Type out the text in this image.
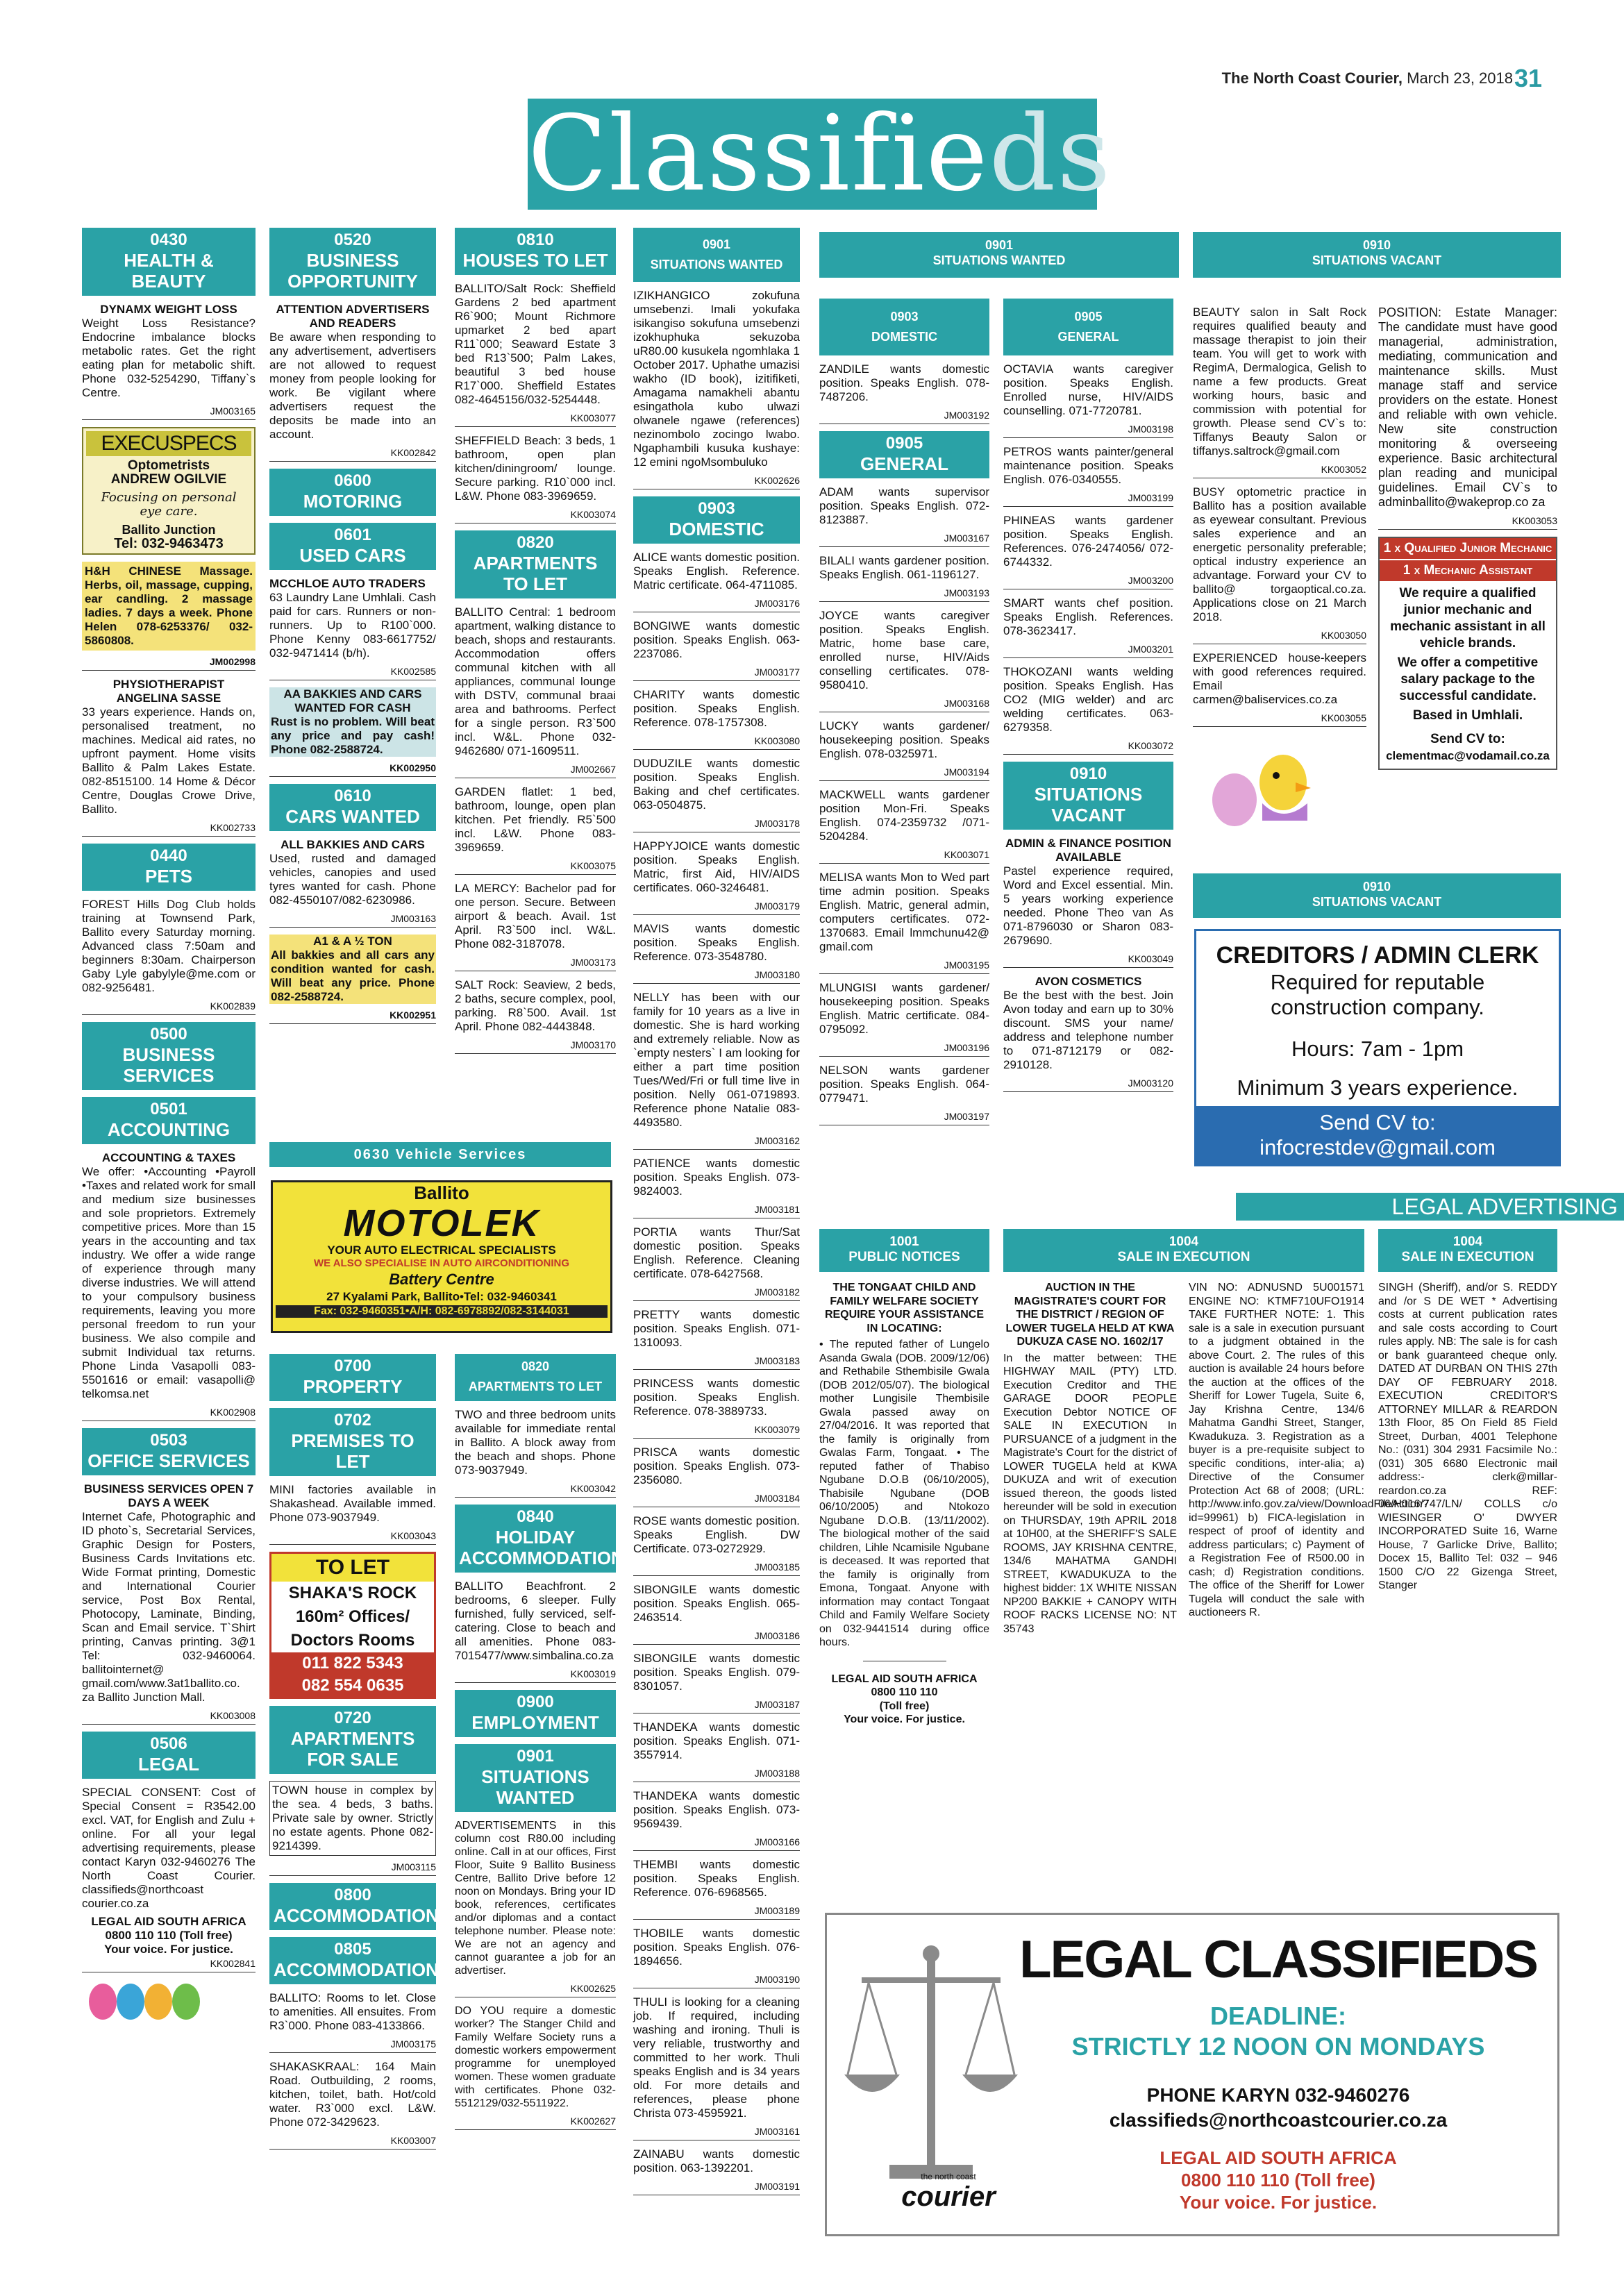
The North Coast Courier, March 23, 2018 31
Classifieds
0430
HEALTH & BEAUTY
DYNAMX WEIGHT LOSS
Weight Loss Resistance? Endocrine imbalance blocks metabolic rates. Get the right eating plan for metabolic shift. Phone 032-5254290, Tiffany`s Centre.
JM003165
EXECUSPECS
Optometrists
ANDREW OGILVIE
Focusing on personal eye care.
Ballito Junction
Tel: 032-9463473
H&H CHINESE Massage. Herbs, oil, massage, cupping, ear candling. 2 massage ladies. 7 days a week. Phone Helen 078-6253376/ 032-5860808.
JM002998
PHYSIOTHERAPIST ANGELINA SASSE
33 years experience. Hands on, personalised treatment, no machines. Medical aid rates, no upfront payment. Home visits Ballito & Palm Lakes Estate. 082-8515100. 14 Home & Décor Centre, Douglas Crowe Drive, Ballito.
KK002733
0440
PETS
FOREST Hills Dog Club holds training at Townsend Park, Ballito every Saturday morning. Advanced class 7:50am and beginners 8:30am. Chairperson Gaby Lyle gabylyle@me.com or 082-9256481.
KK002839
0500
BUSINESS SERVICES
0501
ACCOUNTING
ACCOUNTING & TAXES
We offer: •Accounting •Payroll •Taxes and related work for small and medium size businesses and sole proprietors. Extremely competitive prices. More than 15 years in the accounting and tax industry. We offer a wide range of experience through many diverse industries. We will attend to your compulsory business requirements, leaving you more personal freedom to run your business. We also compile and submit Individual tax returns. Phone Linda Vasapolli 083-5501616 or email: vasapolli@ telkomsa.net
KK002908
0503
OFFICE SERVICES
BUSINESS SERVICES OPEN 7 DAYS A WEEK
Internet Cafe, Photographic and ID photo`s, Secretarial Services, Graphic Design for Posters, Business Cards Invitations etc. Wide Format printing, Domestic and International Courier service, Post Box Rental, Photocopy, Laminate, Binding, Scan and Email service. T`Shirt printing, Canvas printing. 3@1 Tel: 032-9460064. ballitointernet@ gmail.com/www.3at1ballito.co. za Ballito Junction Mall.
KK003008
0506
LEGAL
SPECIAL CONSENT: Cost of Special Consent = R3542.00 excl. VAT, for English and Zulu + online. For all your legal advertising requirements, please contact Karyn 032-9460276 The North Coast Courier. classifieds@northcoast courier.co.za
LEGAL AID SOUTH AFRICA
0800 110 110 (Toll free)
Your voice. For justice.
KK002841
0520
BUSINESS OPPORTUNITY
ATTENTION ADVERTISERS AND READERS
Be aware when responding to any advertisement, advertisers are not allowed to request money from people looking for work. Be vigilant where advertisers request the deposits be made into an account.
KK002842
0600
MOTORING
0601
USED CARS
MCCHLOE AUTO TRADERS
63 Laundry Lane Umhlali. Cash paid for cars. Runners or non-runners. Up to R100`000. Phone Kenny 083-6617752/ 032-9471414 (b/h).
KK002585
AA BAKKIES AND CARS WANTED FOR CASH
Rust is no problem. Will beat any price and pay cash! Phone 082-2588724.
KK002950
0610
CARS WANTED
ALL BAKKIES AND CARS
Used, rusted and damaged vehicles, canopies and used tyres wanted for cash. Phone 082-4550107/082-6230986.
JM003163
A1 & A ½ TON
All bakkies and all cars any condition wanted for cash. Will beat any price. Phone 082-2588724.
KK002951
0630 Vehicle Services
Ballito
MOTOLEK
YOUR AUTO ELECTRICAL SPECIALISTS
WE ALSO SPECIALISE IN AUTO AIRCONDITIONING
Battery Centre
27 Kyalami Park, Ballito•Tel: 032-9460341
Fax: 032-9460351•A/H: 082-6978892/082-3144031
0700
PROPERTY
0702
PREMISES TO LET
MINI factories available in Shakashead. Available immed. Phone 073-9037949.
KK003043
TO LET
SHAKA'S ROCK
160m² Offices/
Doctors Rooms
011 822 5343
082 554 0635
0720
APARTMENTS FOR SALE
TOWN house in complex by the sea. 4 beds, 3 baths. Private sale by owner. Strictly no estate agents. Phone 082-9214399.
JM003115
0800
ACCOMMODATION
0805
ACCOMMODATION
BALLITO: Rooms to let. Close to amenities. All ensuites. From R3`000. Phone 083-4133866.
JM003175
SHAKASKRAAL: 164 Main Road. Outbuilding, 2 rooms, kitchen, toilet, bath. Hot/cold water. R3`000 excl. L&W. Phone 072-3429623.
KK003007
0810
HOUSES TO LET
BALLITO/Salt Rock: Sheffield Gardens 2 bed apartment R6`900; Mount Richmore upmarket 2 bed apart R11`000; Seaward Estate 3 bed R13`500; Palm Lakes, beautiful 3 bed house R17`000. Sheffield Estates 082-4645156/032-5254448.
KK003077
SHEFFIELD Beach: 3 beds, 1 bathroom, open plan kitchen/diningroom/ lounge. Secure parking. R10`000 incl. L&W. Phone 083-3969659.
KK003074
0820
APARTMENTS TO LET
BALLITO Central: 1 bedroom apartment, walking distance to beach, shops and restaurants. Accommodation offers communal kitchen with all appliances, communal lounge with DSTV, communal braai area and bathrooms. Perfect for a single person. R3`500 incl. W&L. Phone 032- 9462680/ 071-1609511.
JM002667
GARDEN flatlet: 1 bed, bathroom, lounge, open plan kitchen. Pet friendly. R5`500 incl. L&W. Phone 083-3969659.
KK003075
LA MERCY: Bachelor pad for one person. Secure. Between airport & beach. Avail. 1st April. R3`500 incl. W&L. Phone 082-3187078.
JM003173
SALT Rock: Seaview, 2 beds, 2 baths, secure complex, pool, parking. R8`500. Avail. 1st April. Phone 082-4443848.
JM003170
0820
APARTMENTS TO LET
TWO and three bedroom units available for immediate rental in Ballito. A block away from the beach and shops. Phone 073-9037949.
KK003042
0840
HOLIDAY ACCOMMODATION
BALLITO Beachfront. 2 bedrooms, 6 sleeper. Fully furnished, fully serviced, self-catering. Close to beach and all amenities. Phone 083-7015477/www.simbalina.co.za
KK003019
0900
EMPLOYMENT
0901
SITUATIONS WANTED
ADVERTISEMENTS in this column cost R80.00 including online. Call in at our offices, First Floor, Suite 9 Ballito Business Centre, Ballito Drive before 12 noon on Mondays. Bring your ID book, references, certificates and/or diplomas and a contact telephone number. Please note: We are not an agency and cannot guarantee a job for an advertiser.
KK002625
DO YOU require a domestic worker? The Stanger Child and Family Welfare Society runs a domestic workers empowerment programme for unemployed women. These women graduate with certificates. Phone 032-5512129/032-5511922.
KK002627
0901
SITUATIONS WANTED
IZIKHANGICO zokufuna umsebenzi. Imali yokufaka isikangiso sokufuna umsebenzi izokhuphuka sekuzoba uR80.00 kusukela ngomhlaka 1 October 2017. Uphathe umazisi wakho (ID book), izitifiketi, Amagama namakheli abantu esingathola kubo ulwazi olwanele ngawe (references) nezinombolo zocingo lwabo. Ngaphambili kusuka kushaye: 12 emini ngoMsombuluko
KK002626
0903
DOMESTIC
ALICE wants domestic position. Speaks English. Reference. Matric certificate. 064-4711085.
JM003176
BONGIWE wants domestic position. Speaks English. 063-2237086.
JM003177
CHARITY wants domestic position. Speaks English. Reference. 078-1757308.
KK003080
DUDUZILE wants domestic position. Speaks English. Baking and chef certificates. 063-0504875.
JM003178
HAPPYJOICE wants domestic position. Speaks English. Matric, first Aid, HIV/AIDS certificates. 060-3246481.
JM003179
MAVIS wants domestic position. Speaks English. Reference. 073-3548780.
JM003180
NELLY has been with our family for 10 years as a live in domestic. She is hard working and extremely reliable. Now as `empty nesters` I am looking for either a part time position Tues/Wed/Fri or full time live in position. Nelly 061-0719893. Reference phone Natalie 083-4493580.
JM003162
PATIENCE wants domestic position. Speaks English. 073-9824003.
JM003181
PORTIA wants Thur/Sat domestic position. Speaks English. Reference. Cleaning certificate. 078-6427568.
JM003182
PRETTY wants domestic position. Speaks English. 071-1310093.
JM003183
PRINCESS wants domestic position. Speaks English. Reference. 078-3889733.
KK003079
PRISCA wants domestic position. Speaks English. 073-2356080.
JM003184
ROSE wants domestic position. Speaks English. DW Certificate. 073-0272929.
JM003185
SIBONGILE wants domestic position. Speaks English. 065-2463514.
JM003186
SIBONGILE wants domestic position. Speaks English. 079-8301057.
JM003187
THANDEKA wants domestic position. Speaks English. 071-3557914.
JM003188
THANDEKA wants domestic position. Speaks English. 073-9569439.
JM003166
THEMBI wants domestic position. Speaks English. Reference. 076-6968565.
JM003189
THOBILE wants domestic position. Speaks English. 076-1894656.
JM003190
THULI is looking for a cleaning job. If required, including washing and ironing. Thuli is very reliable, trustworthy and committed to her work. Thuli speaks English and is 34 years old. For more details and references, please phone Christa 073-4595921.
JM003161
ZAINABU wants domestic position. 063-1392201.
JM003191
0901
SITUATIONS WANTED
0903
DOMESTIC
ZANDILE wants domestic position. Speaks English. 078-7487206.
JM003192
0905
GENERAL
ADAM wants supervisor position. Speaks English. 072-8123887.
JM003167
BILALI wants gardener position. Speaks English. 061-1196127.
JM003193
JOYCE wants caregiver position. Speaks English. Matric, home base care, enrolled nurse, HIV/Aids conselling certificates. 078-9580410.
JM003168
LUCKY wants gardener/ housekeeping position. Speaks English. 078-0325971.
JM003194
MACKWELL wants gardener position Mon-Fri. Speaks English. 074-2359732 /071-5204284.
KK003071
MELISA wants Mon to Wed part time admin position. Speaks English. Matric, general admin, computers certificates. 072- 1370683. Email lmmchunu42@ gmail.com
JM003195
MLUNGISI wants gardener/ housekeeping position. Speaks English. Matric certificate. 084-0795092.
JM003196
NELSON wants gardener position. Speaks English. 064-0779471.
JM003197
0905
GENERAL
OCTAVIA wants caregiver position. Speaks English. Enrolled nurse, HIV/AIDS counselling. 071-7720781.
JM003198
PETROS wants painter/general maintenance position. Speaks English. 076-0340555.
JM003199
PHINEAS wants gardener position. Speaks English. References. 076-2474056/ 072-6744332.
JM003200
SMART wants chef position. Speaks English. References. 078-3623417.
JM003201
THOKOZANI wants welding position. Speaks English. Has CO2 (MIG welder) and arc welding certificates. 063-6279358.
KK003072
0910
SITUATIONS VACANT
ADMIN & FINANCE POSITION AVAILABLE
Pastel experience required, Word and Excel essential. Min. 5 years working experience needed. Phone Theo van As 071-8796030 or Sharon 083-2679690.
KK003049
AVON COSMETICS
Be the best with the best. Join Avon today and earn up to 30% discount. SMS your name/ address and telephone number to 071-8712179 or 082-2910128.
JM003120
0910
SITUATIONS VACANT
BEAUTY salon in Salt Rock requires qualified beauty and massage therapist to join their team. You will get to work with RegimA, Dermalogica, Gelish to name a few products. Great working hours, basic and commission with potential for growth. Please send CV`s to: Tiffanys Beauty Salon or tiffanys.saltrock@gmail.com
KK003052
BUSY optometric practice in Ballito has a position available as eyewear consultant. Previous sales experience and an energetic personality preferable; optical industry experience an advantage. Forward your CV to ballito@ torgaoptical.co.za. Applications close on 21 March 2018.
KK003050
EXPERIENCED house-keepers with good references required. Email carmen@baliservices.co.za
KK003055
POSITION: Estate Manager: The candidate must have good managerial, administration, mediating, communication and maintenance skills. Must manage staff and service providers on the estate. Honest and reliable with own vehicle. New site construction monitoring & overseeing experience. Basic architectural plan reading and municipal guidelines. Email CV`s to adminballito@wakeprop.co za
KK003053
1 x Qualified Junior Mechanic
1 x Mechanic Assistant
We require a qualified junior mechanic and mechanic assistant in all vehicle brands.
We offer a competitive salary package to the successful candidate.
Based in Umhlali.
Send CV to:
clementmac@vodamail.co.za
0910
SITUATIONS VACANT
CREDITORS / ADMIN CLERK
Required for reputable construction company.
Hours: 7am - 1pm
Minimum 3 years experience.
Send CV to:
infocrestdev@gmail.com
LEGAL ADVERTISING
1001
PUBLIC NOTICES
1004
SALE IN EXECUTION
1004
SALE IN EXECUTION
THE TONGAAT CHILD AND FAMILY WELFARE SOCIETY REQUIRE YOUR ASSISTANCE IN LOCATING:
• The reputed father of Lungelo Asanda Gwala (DOB. 2009/12/06) and Rethabile Sthembisile Gwala (DOB 2012/05/07). The biological mother Lungisile Thembisile Gwala passed away on 27/04/2016. It was reported that the family is originally from Gwalas Farm, Tongaat. • The reputed father of Thabiso Ngubane D.O.B (06/10/2005), Thabisile Ngubane (DOB 06/10/2005) and Ntokozo Ngubane D.O.B. (13/11/2002). The biological mother of the said children, Lihle Ncamisile Ngubane is deceased. It was reported that the family is originally from Emona, Tongaat. Anyone with information may contact Tongaat Child and Family Welfare Society on 032-9441514 during office hours.
LEGAL AID SOUTH AFRICA
0800 110 110
(Toll free)
Your voice. For justice.
AUCTION IN THE MAGISTRATE'S COURT FOR THE DISTRICT / REGION OF LOWER TUGELA HELD AT KWA DUKUZA CASE NO. 1602/17
In the matter between: THE HIGHWAY MAIL (PTY) LTD. Execution Creditor and THE GARAGE DOOR PEOPLE Execution Debtor NOTICE OF SALE IN EXECUTION In PURSUANCE of a judgment in the Magistrate's Court for the district of LOWER TUGELA held at KWA DUKUZA and writ of execution issued thereon, the goods listed hereunder will be sold in execution on THURSDAY, 19th APRIL 2018 at 10H00, at the SHERIFF'S SALE ROOMS, JAY KRISHNA CENTRE, 134/6 MAHATMA GANDHI STREET, KWADUKUZA to the highest bidder: 1X WHITE NISSAN NP200 BAKKIE + CANOPY WITH ROOF RACKS LICENSE NO: NT 35743
VIN NO: ADNUSND 5U001571 ENGINE NO: KTMF710UFO1914 TAKE FURTHER NOTE: 1. This sale is a sale in execution pursuant to a judgment obtained in the above Court. 2. The rules of this auction is available 24 hours before the auction at the offices of the Sheriff for Lower Tugela, Suite 6, Jay Krishna Centre, 134/6 Mahatma Gandhi Street, Stanger, Kwadukuza. 3. Registration as a buyer is a pre-requisite subject to specific conditions, inter-alia; a) Directive of the Consumer Protection Act 68 of 2008; (URL: http://www.info.gov.za/view/DownloadFileAction?id=99961) b) FICA-legislation in respect of proof of identity and address particulars; c) Payment of a Registration Fee of R500.00 in cash; d) Registration conditions. The office of the Sheriff for Lower Tugela will conduct the sale with auctioneers R.
SINGH (Sheriff), and/or S. REDDY and /or S DE WET * Advertising costs at current publication rates and sale costs according to Court rules apply. NB: The sale is for cash or bank guaranteed cheque only. DATED AT DURBAN ON THIS 27th DAY OF FEBRUARY 2018. EXECUTION CREDITOR'S ATTORNEY MILLAR & REARDON 13th Floor, 85 On Field 85 Field Street, Durban, 4001 Telephone No.: (031) 304 2931 Facsimile No.: (031) 305 6680 Electronic mail address:- clerk@millar-reardon.co.za REF: 06/H016/747/LN/ COLLS c/o WIESINGER O' DWYER INCORPORATED Suite 16, Warne House, 7 Garlicke Drive, Ballito; Docex 15, Ballito Tel: 032 – 946 1500 C/O 22 Gizenga Street, Stanger
LEGAL CLASSIFIEDS
DEADLINE:
STRICTLY 12 NOON ON MONDAYS
PHONE KARYN 032-9460276
classifieds@northcoastcourier.co.za
LEGAL AID SOUTH AFRICA
0800 110 110 (Toll free)
Your voice. For justice.
the north coast
courier
